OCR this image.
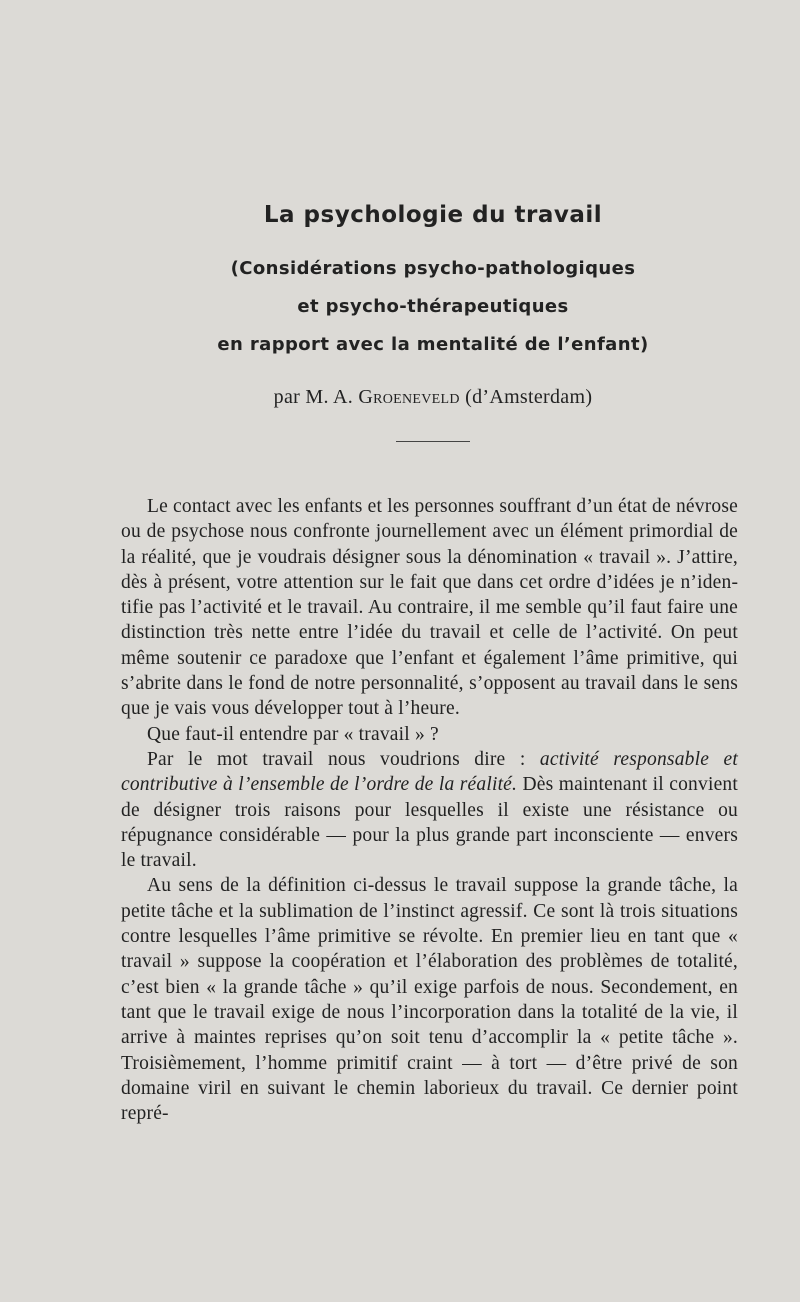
La psychologie du travail
(Considérations psycho-pathologiques
et psycho-thérapeutiques
en rapport avec la mentalité de l’enfant)
par M. A. Groeneveld (d’Amsterdam)

Le contact avec les enfants et les personnes souffrant d’un état de névrose ou de psychose nous confronte journellement avec un élément primordial de la réalité, que je voudrais désigner sous la dénomination « travail ». J’attire, dès à présent, votre attention sur le fait que dans cet ordre d’idées je n’identifie pas l’activité et le travail. Au contraire, il me semble qu’il faut faire une distinction très nette entre l’idée du travail et celle de l’activité. On peut même soutenir ce paradoxe que l’enfant et également l’âme primitive, qui s’abrite dans le fond de notre personnalité, s’opposent au travail dans le sens que je vais vous développer tout à l’heure.

Que faut-il entendre par « travail » ?

Par le mot travail nous voudrions dire : activité responsable et contributive à l’ensemble de l’ordre de la réalité. Dès maintenant il convient de désigner trois raisons pour lesquelles il existe une résistance ou répugnance considérable — pour la plus grande part inconsciente — envers le travail.

Au sens de la définition ci-dessus le travail suppose la grande tâche, la petite tâche et la sublimation de l’instinct agressif. Ce sont là trois situations contre lesquelles l’âme primitive se révolte. En premier lieu en tant que « travail » suppose la coopération et l’élaboration des problèmes de totalité, c’est bien « la grande tâche » qu’il exige parfois de nous. Secondement, en tant que le travail exige de nous l’incorporation dans la totalité de la vie, il arrive à maintes reprises qu’on soit tenu d’accomplir la « petite tâche ». Troisièmement, l’homme primitif craint — à tort — d’être privé de son domaine viril en suivant le chemin laborieux du travail. Ce dernier point repré-
